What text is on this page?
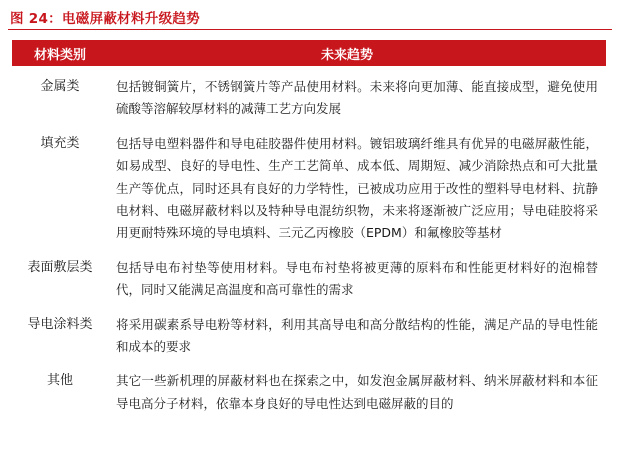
图 24：电磁屏蔽材料升级趋势
材料类别	未来趋势
金属类	包括镀铜簧片，不锈钢簧片等产品使用材料。未来将向更加薄、能直接成型，避免使用硫酸等溶解较厚材料的减薄工艺方向发展
填充类	包括导电塑料器件和导电硅胶器件使用材料。镀铝玻璃纤维具有优异的电磁屏蔽性能，如易成型、良好的导电性、生产工艺简单、成本低、周期短、减少消除热点和可大批量生产等优点，同时还具有良好的力学特性，已被成功应用于改性的塑料导电材料、抗静电材料、电磁屏蔽材料以及特种导电混纺织物，未来将逐渐被广泛应用；导电硅胶将采用更耐特殊环境的导电填料、三元乙丙橡胶（EPDM）和氟橡胶等基材
表面敷层类	包括导电布衬垫等使用材料。导电布衬垫将被更薄的原料布和性能更材料好的泡棉替代，同时又能满足高温度和高可靠性的需求
导电涂料类	将采用碳素系导电粉等材料，利用其高导电和高分散结构的性能，满足产品的导电性能和成本的要求
其他	其它一些新机理的屏蔽材料也在探索之中，如发泡金属屏蔽材料、纳米屏蔽材料和本征导电高分子材料，依靠本身良好的导电性达到电磁屏蔽的目的
